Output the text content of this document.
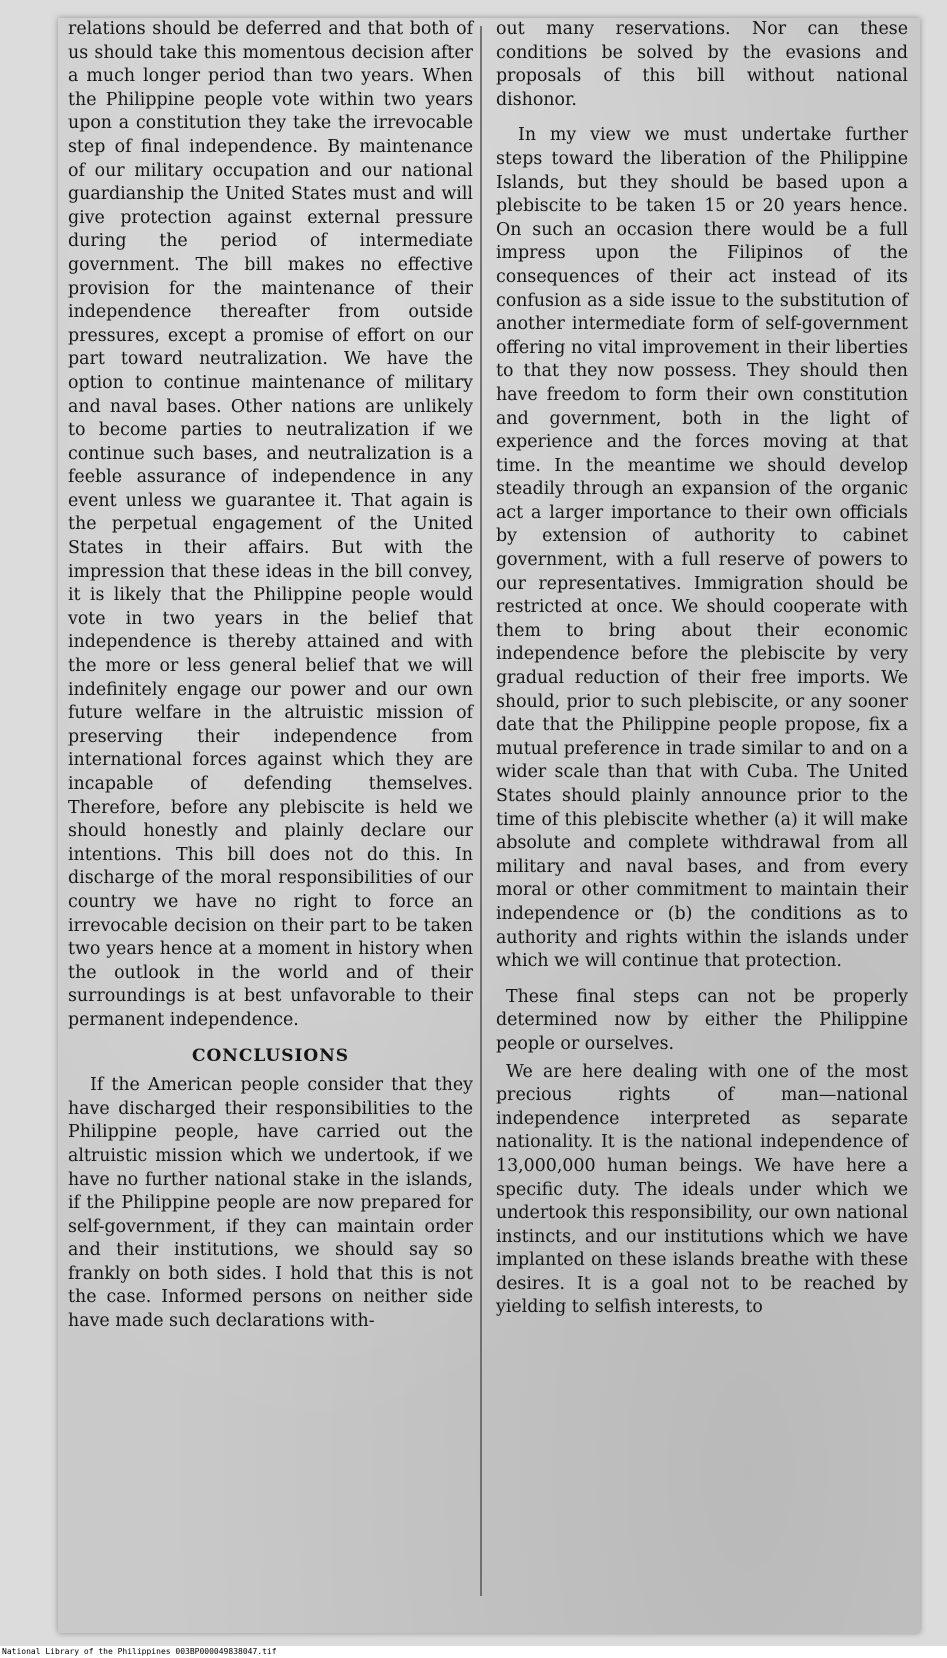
relations should be deferred and that both of us should take this momentous decision after a much longer period than two years. When the Philippine people vote within two years upon a constitution they take the irrevocable step of final independence. By maintenance of our military occupation and our national guardianship the United States must and will give protection against external pressure during the period of intermediate government. The bill makes no effective provision for the maintenance of their independence thereafter from outside pressures, except a promise of effort on our part toward neutralization. We have the option to continue maintenance of military and naval bases. Other nations are unlikely to become parties to neutralization if we continue such bases, and neutralization is a feeble assurance of independence in any event unless we guarantee it. That again is the perpetual engagement of the United States in their affairs. But with the impression that these ideas in the bill convey, it is likely that the Philippine people would vote in two years in the belief that independence is thereby attained and with the more or less general belief that we will indefinitely engage our power and our own future welfare in the altruistic mission of preserving their independence from international forces against which they are incapable of defending themselves. Therefore, before any plebiscite is held we should honestly and plainly declare our intentions. This bill does not do this. In discharge of the moral responsibilities of our country we have no right to force an irrevocable decision on their part to be taken two years hence at a moment in history when the outlook in the world and of their surroundings is at best unfavorable to their permanent independence.

CONCLUSIONS

If the American people consider that they have discharged their responsibilities to the Philippine people, have carried out the altruistic mission which we undertook, if we have no further national stake in the islands, if the Philippine people are now prepared for self-government, if they can maintain order and their institutions, we should say so frankly on both sides. I hold that this is not the case. Informed persons on neither side have made such declarations with-

out many reservations. Nor can these conditions be solved by the evasions and proposals of this bill without national dishonor.

In my view we must undertake further steps toward the liberation of the Philippine Islands, but they should be based upon a plebiscite to be taken 15 or 20 years hence. On such an occasion there would be a full impress upon the Filipinos of the consequences of their act instead of its confusion as a side issue to the substitution of another intermediate form of self-government offering no vital improvement in their liberties to that they now possess. They should then have freedom to form their own constitution and government, both in the light of experience and the forces moving at that time. In the meantime we should develop steadily through an expansion of the organic act a larger importance to their own officials by extension of authority to cabinet government, with a full reserve of powers to our representatives. Immigration should be restricted at once. We should cooperate with them to bring about their economic independence before the plebiscite by very gradual reduction of their free imports. We should, prior to such plebiscite, or any sooner date that the Philippine people propose, fix a mutual preference in trade similar to and on a wider scale than that with Cuba. The United States should plainly announce prior to the time of this plebiscite whether (a) it will make absolute and complete withdrawal from all military and naval bases, and from every moral or other commitment to maintain their independence or (b) the conditions as to authority and rights within the islands under which we will continue that protection.

These final steps can not be properly determined now by either the Philippine people or ourselves.

We are here dealing with one of the most precious rights of man—national independence interpreted as separate nationality. It is the national independence of 13,000,000 human beings. We have here a specific duty. The ideals under which we undertook this responsibility, our own national instincts, and our institutions which we have implanted on these islands breathe with these desires. It is a goal not to be reached by yielding to selfish interests, to

National Library of the Philippines 003BP000049838047.tif
